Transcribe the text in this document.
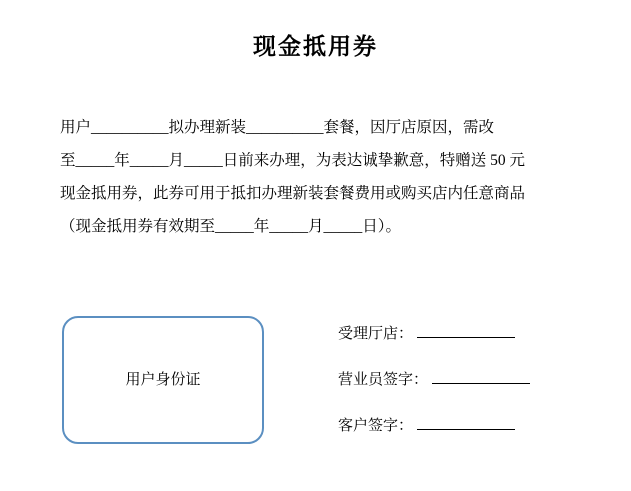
现金抵用券

用户__________拟办理新装__________套餐，因厅店原因，需改

至_____年_____月_____日前来办理，为表达诚挚歉意，特赠送 50 元

现金抵用券，此券可用于抵扣办理新装套餐费用或购买店内任意商品

（现金抵用券有效期至_____年_____月_____日）。

用户身份证
受理厅店：
营业员签字：
客户签字：
